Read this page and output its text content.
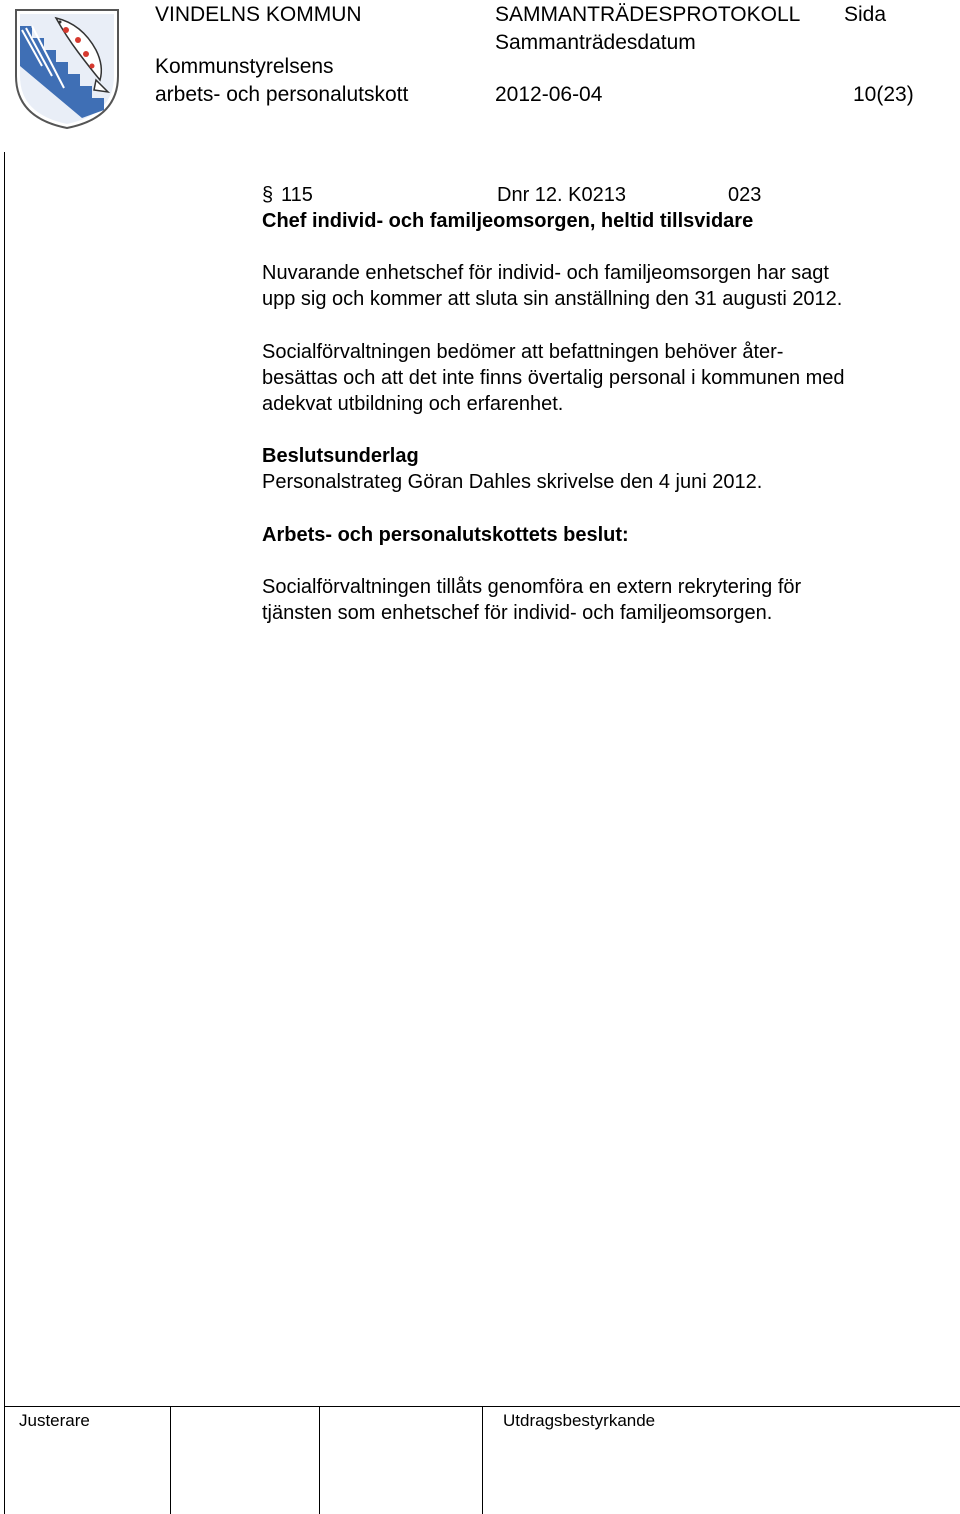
VINDELNS KOMMUN	SAMMANTRÄDESPROTOKOLL Sida
Sammanträdesdatum
Kommunstyrelsens
arbets- och personalutskott	2012-06-04	10(23)
§ 115	Dnr 12. K0213	023
Chef individ- och familjeomsorgen, heltid tillsvidare
Nuvarande enhetschef för individ- och familjeomsorgen har sagt
upp sig och kommer att sluta sin anställning den 31 augusti 2012.
Socialförvaltningen bedömer att befattningen behöver åter-
besättas och att det inte finns övertalig personal i kommunen med
adekvat utbildning och erfarenhet.
Beslutsunderlag
Personalstrateg Göran Dahles skrivelse den 4 juni 2012.
Arbets- och personalutskottets beslut:
Socialförvaltningen tillåts genomföra en extern rekrytering för
tjänsten som enhetschef för individ- och familjeomsorgen.
Justerare	Utdragsbestyrkande
